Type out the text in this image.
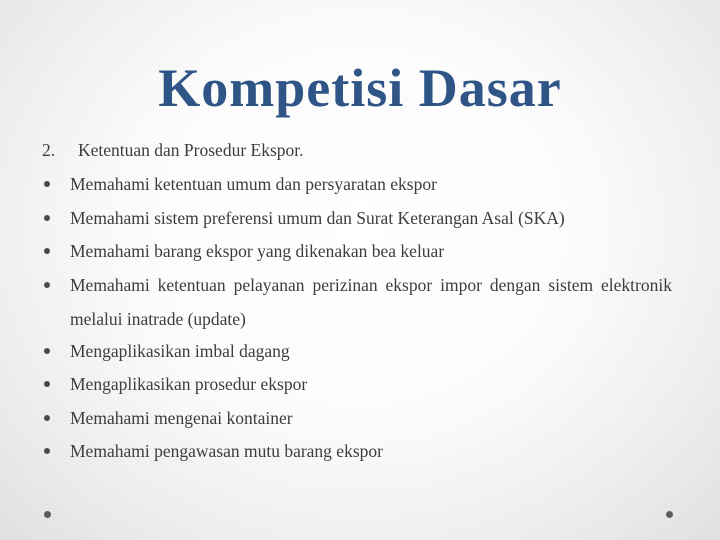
Kompetisi Dasar
2.	Ketentuan dan Prosedur Ekspor.
Memahami ketentuan umum dan persyaratan ekspor
Memahami sistem preferensi umum dan Surat Keterangan Asal (SKA)
Memahami barang ekspor yang dikenakan bea keluar
Memahami ketentuan pelayanan perizinan ekspor impor dengan sistem elektronik melalui inatrade (update)
Mengaplikasikan imbal dagang
Mengaplikasikan prosedur ekspor
Memahami mengenai kontainer
Memahami pengawasan mutu barang ekspor
